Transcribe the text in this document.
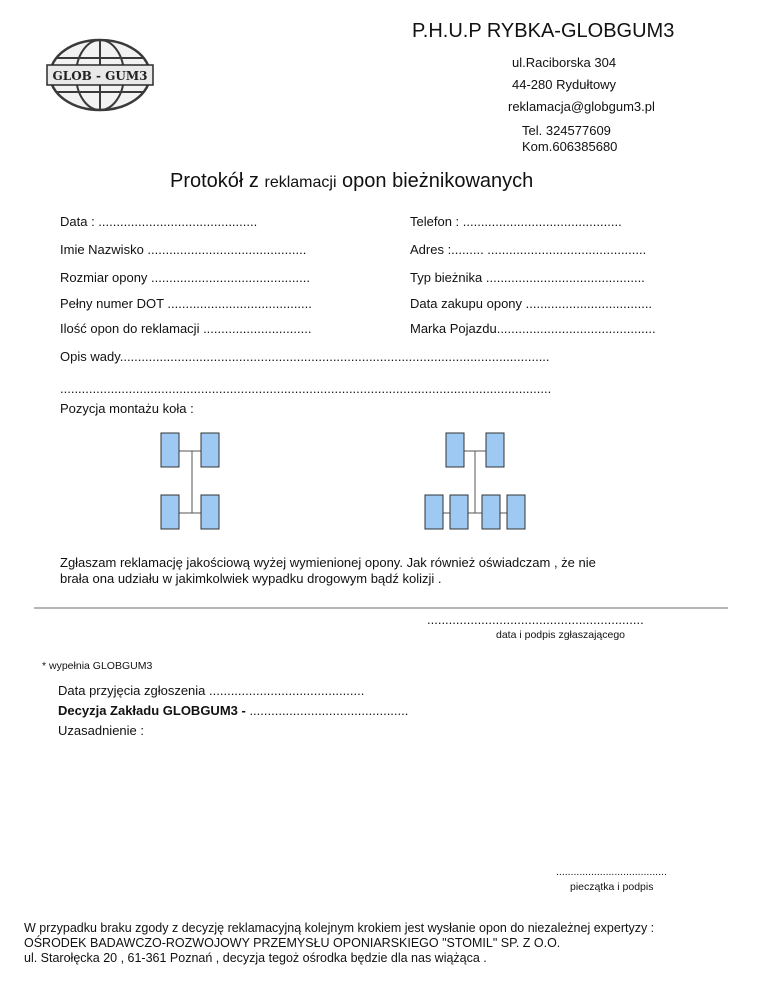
GLOB - GUM3
P.H.U.P RYBKA-GLOBGUM3
ul.Raciborska 304
44-280 Rydułtowy
reklamacja@globgum3.pl
Tel. 324577609
Kom.606385680
Protokół z reklamacji opon bieżnikowanych
Data : ............................................	Telefon : ............................................
Imie Nazwisko ............................................	Adres :......... ............................................
Rozmiar opony ............................................	Typ bieżnika ............................................
Pełny numer DOT ........................................	Data zakupu opony ...................................
Ilość opon do reklamacji ..............................	Marka Pojazdu............................................
Opis wady.......................................................................................................................
........................................................................................................................................
Pozycja montażu koła :
Zgłaszam reklamację jakościową wyżej wymienionej opony. Jak również oświadczam , że nie
brała ona udziału w jakimkolwiek wypadku drogowym bądź kolizji .
............................................................
data i podpis zgłaszającego
* wypełnia GLOBGUM3
Data przyjęcia zgłoszenia ...........................................
Decyzja Zakładu GLOBGUM3 - ............................................
Uzasadnienie :
......................................
pieczątka i podpis
W przypadku braku zgody z decyzję reklamacyjną kolejnym krokiem jest wysłanie opon do niezależnej expertyzy :
OŚRODEK BADAWCZO-ROZWOJOWY PRZEMYSŁU OPONIARSKIEGO "STOMIL" SP. Z O.O.
ul. Starołęcka 20 , 61-361 Poznań , decyzja tegoż ośrodka będzie dla nas wiążąca .
